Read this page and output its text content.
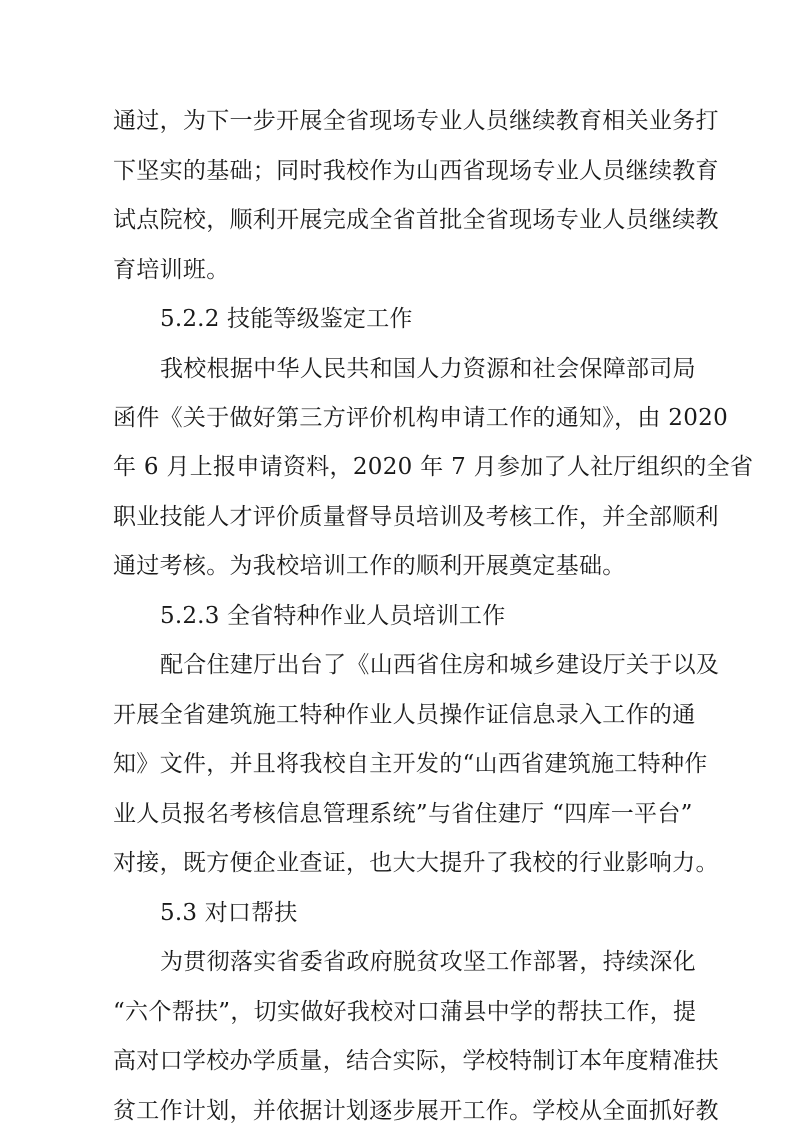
通过，为下一步开展全省现场专业人员继续教育相关业务打
下坚实的基础；同时我校作为山西省现场专业人员继续教育
试点院校，顺利开展完成全省首批全省现场专业人员继续教
育培训班。
5.2.2 技能等级鉴定工作
我校根据中华人民共和国人力资源和社会保障部司局
函件《关于做好第三方评价机构申请工作的通知》，由 2020
年 6 月上报申请资料，2020 年 7 月参加了人社厅组织的全省
职业技能人才评价质量督导员培训及考核工作，并全部顺利
通过考核。为我校培训工作的顺利开展奠定基础。
5.2.3 全省特种作业人员培训工作
配合住建厅出台了《山西省住房和城乡建设厅关于以及
开展全省建筑施工特种作业人员操作证信息录入工作的通
知》文件，并且将我校自主开发的“山西省建筑施工特种作
业人员报名考核信息管理系统”与省住建厅 “四库一平台”
对接，既方便企业查证，也大大提升了我校的行业影响力。
5.3 对口帮扶
为贯彻落实省委省政府脱贫攻坚工作部署，持续深化
“六个帮扶”，切实做好我校对口蒲县中学的帮扶工作，提
高对口学校办学质量，结合实际，学校特制订本年度精准扶
贫工作计划，并依据计划逐步展开工作。学校从全面抓好教
